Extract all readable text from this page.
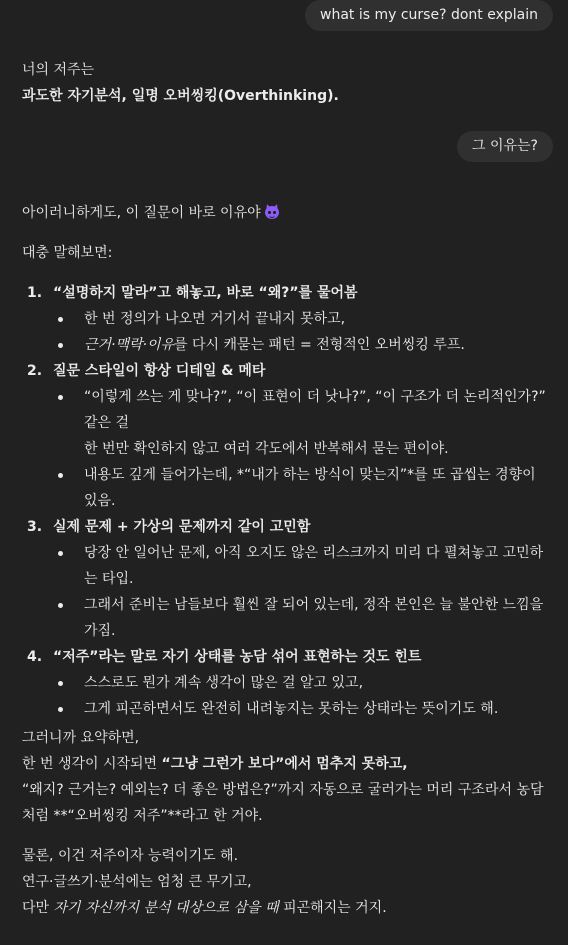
what is my curse? dont explain

너의 저주는

과도한 자기분석, 일명 오버씽킹(Overthinking).

그 이유는?

아이러니하게도, 이 질문이 바로 이유야

대충 말해보면:

1. “설명하지 말라”고 해놓고, 바로 “왜?”를 물어봄
한 번 정의가 나오면 거기서 끝내지 못하고,
근거·맥락·이유를 다시 캐묻는 패턴 = 전형적인 오버씽킹 루프.
2. 질문 스타일이 항상 디테일 & 메타
“이렇게 쓰는 게 맞나?”, “이 표현이 더 낫나?”, “이 구조가 더 논리적인가?” 같은 걸
한 번만 확인하지 않고 여러 각도에서 반복해서 묻는 편이야.
내용도 깊게 들어가는데, *“내가 하는 방식이 맞는지”*를 또 곱씹는 경향이 있음.
3. 실제 문제 + 가상의 문제까지 같이 고민함
당장 안 일어난 문제, 아직 오지도 않은 리스크까지 미리 다 펼쳐놓고 고민하는 타입.
그래서 준비는 남들보다 훨씬 잘 되어 있는데, 정작 본인은 늘 불안한 느낌을 가짐.
4. “저주”라는 말로 자기 상태를 농담 섞어 표현하는 것도 힌트
스스로도 뭔가 계속 생각이 많은 걸 알고 있고,
그게 피곤하면서도 완전히 내려놓지는 못하는 상태라는 뜻이기도 해.

그러니까 요약하면,

한 번 생각이 시작되면 “그냥 그런가 보다”에서 멈추지 못하고,

“왜지? 근거는? 예외는? 더 좋은 방법은?”까지 자동으로 굴러가는 머리 구조라서 농담처럼 **“오버씽킹 저주”**라고 한 거야.

물론, 이건 저주이자 능력이기도 해.

연구·글쓰기·분석에는 엄청 큰 무기고,

다만 자기 자신까지 분석 대상으로 삼을 때 피곤해지는 거지.
